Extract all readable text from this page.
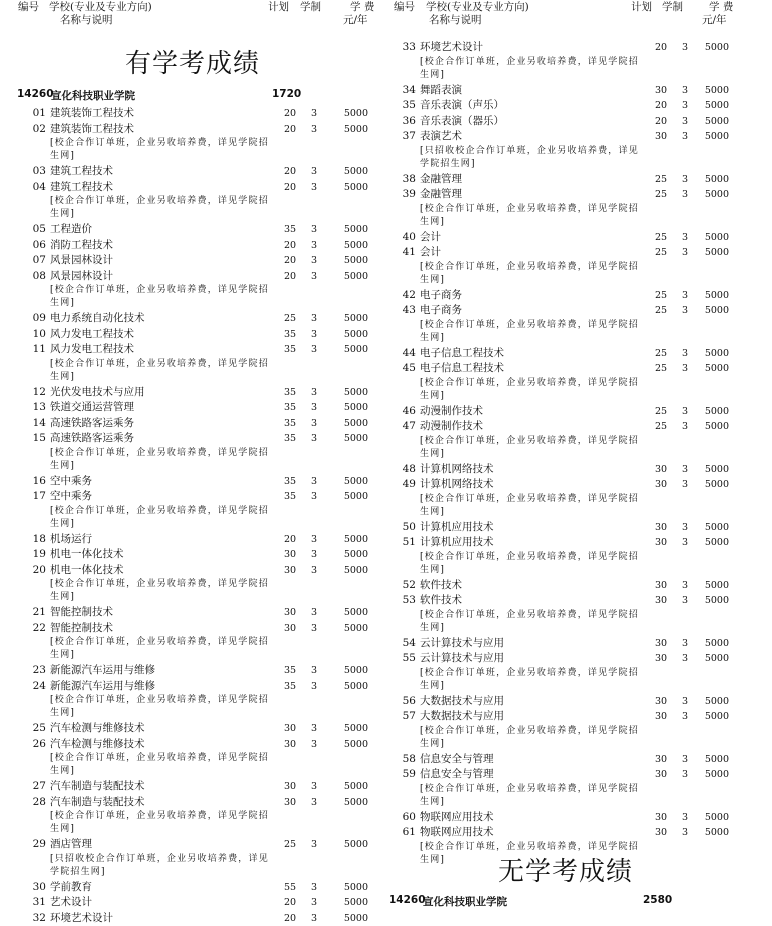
编号 学校(专业及专业方向)
名称与说明
计划 学制	学 费
元/年
有学考成绩
14260
宣化科技职业学院	1720
01 建筑装饰工程技术	20	3	5000
02 建筑装饰工程技术	20	3	5000
[校企合作订单班，企业另收培养费，详见学院招生网]
03 建筑工程技术	20	3	5000
04 建筑工程技术	20	3	5000
[校企合作订单班，企业另收培养费，详见学院招生网]
05 工程造价	35	3	5000
06 消防工程技术	20	3	5000
07 风景园林设计	20	3	5000
08 风景园林设计	20	3	5000
[校企合作订单班，企业另收培养费，详见学院招生网]
09 电力系统自动化技术	25	3	5000
10 风力发电工程技术	35	3	5000
11 风力发电工程技术	35	3	5000
[校企合作订单班，企业另收培养费，详见学院招生网]
12 光伏发电技术与应用	35	3	5000
13 铁道交通运营管理	35	3	5000
14 高速铁路客运乘务	35	3	5000
15 高速铁路客运乘务	35	3	5000
[校企合作订单班，企业另收培养费，详见学院招生网]
16 空中乘务	35	3	5000
17 空中乘务	35	3	5000
[校企合作订单班，企业另收培养费，详见学院招生网]
18 机场运行	20	3	5000
19 机电一体化技术	30	3	5000
20 机电一体化技术	30	3	5000
[校企合作订单班，企业另收培养费，详见学院招生网]
21 智能控制技术	30	3	5000
22 智能控制技术	30	3	5000
[校企合作订单班，企业另收培养费，详见学院招生网]
23 新能源汽车运用与维修	35	3	5000
24 新能源汽车运用与维修	35	3	5000
[校企合作订单班，企业另收培养费，详见学院招生网]
25 汽车检测与维修技术	30	3	5000
26 汽车检测与维修技术	30	3	5000
[校企合作订单班，企业另收培养费，详见学院招生网]
27 汽车制造与装配技术	30	3	5000
28 汽车制造与装配技术	30	3	5000
[校企合作订单班，企业另收培养费，详见学院招生网]
29 酒店管理	25	3	5000
[只招收校企合作订单班，企业另收培养费，详见学院招生网]
30 学前教育	55	3	5000
31 艺术设计	20	3	5000
32 环境艺术设计	20	3	5000
编号 学校(专业及专业方向)
名称与说明
计划 学制 学 费
元/年
33 环境艺术设计	20	3	5000
[校企合作订单班，企业另收培养费，详见学院招生网]
34 舞蹈表演	30	3	5000
35 音乐表演（声乐）	20	3	5000
36 音乐表演（器乐）	20	3	5000
37 表演艺术	30	3	5000
[只招收校企合作订单班，企业另收培养费，详见学院招生网]
38 金融管理	25	3	5000
39 金融管理	25	3	5000
[校企合作订单班，企业另收培养费，详见学院招生网]
40 会计	25	3	5000
41 会计	25	3	5000
[校企合作订单班，企业另收培养费，详见学院招生网]
42 电子商务	25	3	5000
43 电子商务	25	3	5000
[校企合作订单班，企业另收培养费，详见学院招生网]
44 电子信息工程技术	25	3	5000
45 电子信息工程技术	25	3	5000
[校企合作订单班，企业另收培养费，详见学院招生网]
46 动漫制作技术	25	3	5000
47 动漫制作技术	25	3	5000
[校企合作订单班，企业另收培养费，详见学院招生网]
48 计算机网络技术	30	3	5000
49 计算机网络技术	30	3	5000
[校企合作订单班，企业另收培养费，详见学院招生网]
50 计算机应用技术	30	3	5000
51 计算机应用技术	30	3	5000
[校企合作订单班，企业另收培养费，详见学院招生网]
52 软件技术	30	3	5000
53 软件技术	30	3	5000
[校企合作订单班，企业另收培养费，详见学院招生网]
54 云计算技术与应用	30	3	5000
55 云计算技术与应用	30	3	5000
[校企合作订单班，企业另收培养费，详见学院招生网]
56 大数据技术与应用	30	3	5000
57 大数据技术与应用	30	3	5000
[校企合作订单班，企业另收培养费，详见学院招生网]
58 信息安全与管理	30	3	5000
59 信息安全与管理	30	3	5000
[校企合作订单班，企业另收培养费，详见学院招生网]
60 物联网应用技术	30	3	5000
61 物联网应用技术	30	3	5000
[校企合作订单班，企业另收培养费，详见学院招生网]	无学考成绩
14260
宣化科技职业学院	2580
